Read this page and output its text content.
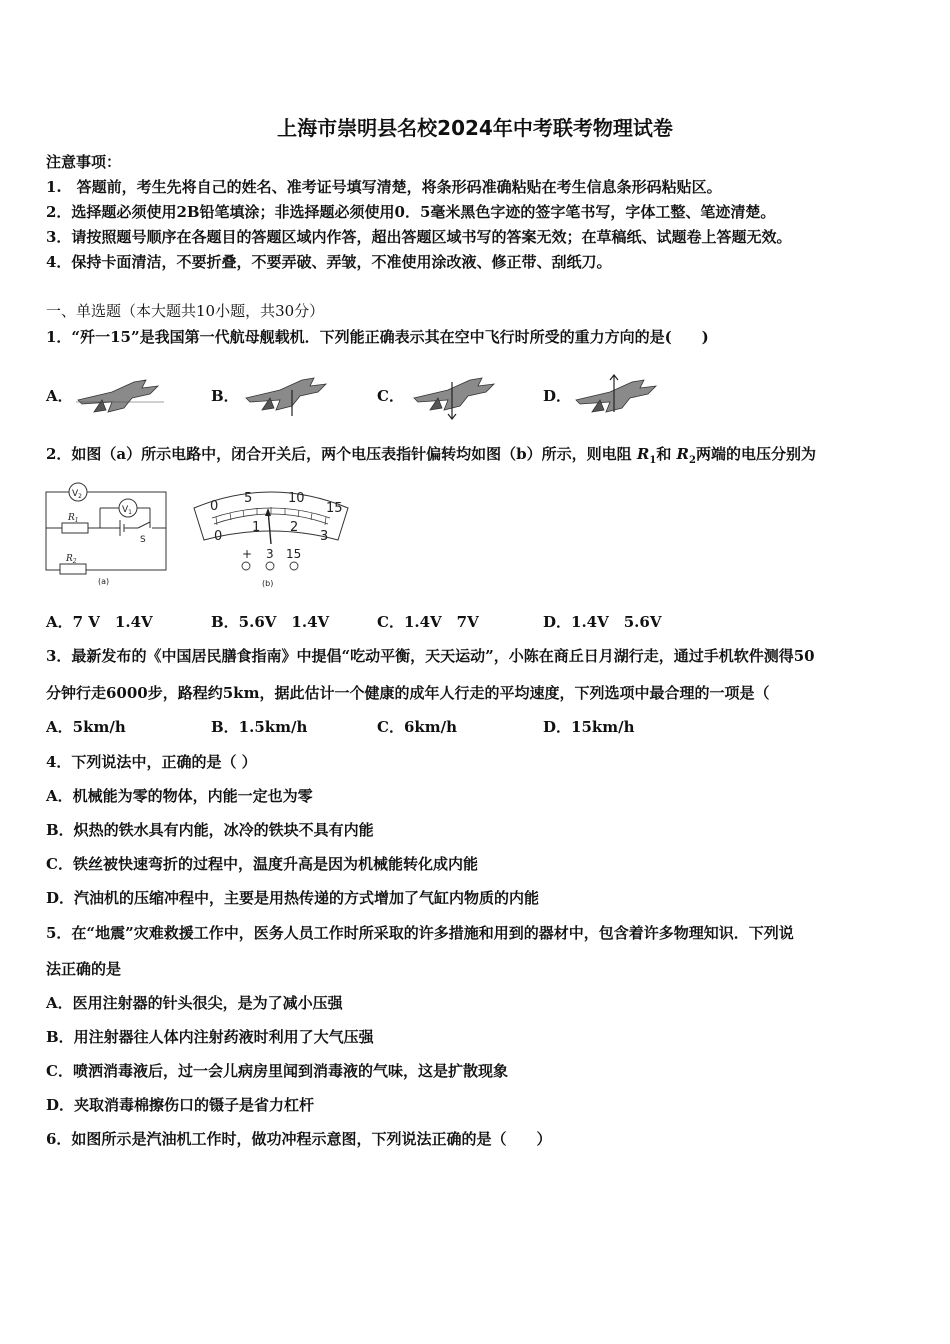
上海市崇明县名校2024年中考联考物理试卷
注意事项：
1.　答题前，考生先将自己的姓名、准考证号填写清楚，将条形码准确粘贴在考生信息条形码粘贴区。
2．选择题必须使用2B铅笔填涂；非选择题必须使用0．5毫米黑色字迹的签字笔书写，字体工整、笔迹清楚。
3．请按照题号顺序在各题目的答题区域内作答，超出答题区域书写的答案无效；在草稿纸、试题卷上答题无效。
4．保持卡面清洁，不要折叠，不要弄破、弄皱，不准使用涂改液、修正带、刮纸刀。
一、单选题（本大题共10小题，共30分）
1．“歼一15”是我国第一代航母舰载机．下列能正确表示其在空中飞行时所受的重力方向的是(　　)
A．	B．	C．	D．
2．如图（a）所示电路中，闭合开关后，两个电压表指针偏转均如图（b）所示，则电阻 $R_1$和 $R_2$两端的电压分别为
$V_2$
$V_1$
$R_1$
$R_2$
S
(a)
0
5	10
15
0
1 2
3
+ 3 15
(b)
A．7 V　1.4V	B．5.6V　1.4V	C．1.4V　7V	D．1.4V　5.6V
3．最新发布的《中国居民膳食指南》中提倡“吃动平衡，天天运动”，小陈在商丘日月湖行走，通过手机软件测得50
分钟行走6000步，路程约5km，据此估计一个健康的成年人行走的平均速度，下列选项中最合理的一项是（
A．5km/h	B．1.5km/h	C．6km/h	D．15km/h
4．下列说法中，正确的是（ ）
A．机械能为零的物体，内能一定也为零
B．炽热的铁水具有内能，冰冷的铁块不具有内能
C．铁丝被快速弯折的过程中，温度升高是因为机械能转化成内能
D．汽油机的压缩冲程中，主要是用热传递的方式增加了气缸内物质的内能
5．在“地震”灾难救援工作中，医务人员工作时所采取的许多措施和用到的器材中，包含着许多物理知识．下列说
法正确的是
A．医用注射器的针头很尖，是为了减小压强
B．用注射器往人体内注射药液时利用了大气压强
C．喷洒消毒液后，过一会儿病房里闻到消毒液的气味，这是扩散现象
D．夹取消毒棉擦伤口的镊子是省力杠杆
6．如图所示是汽油机工作时，做功冲程示意图，下列说法正确的是（　　）
